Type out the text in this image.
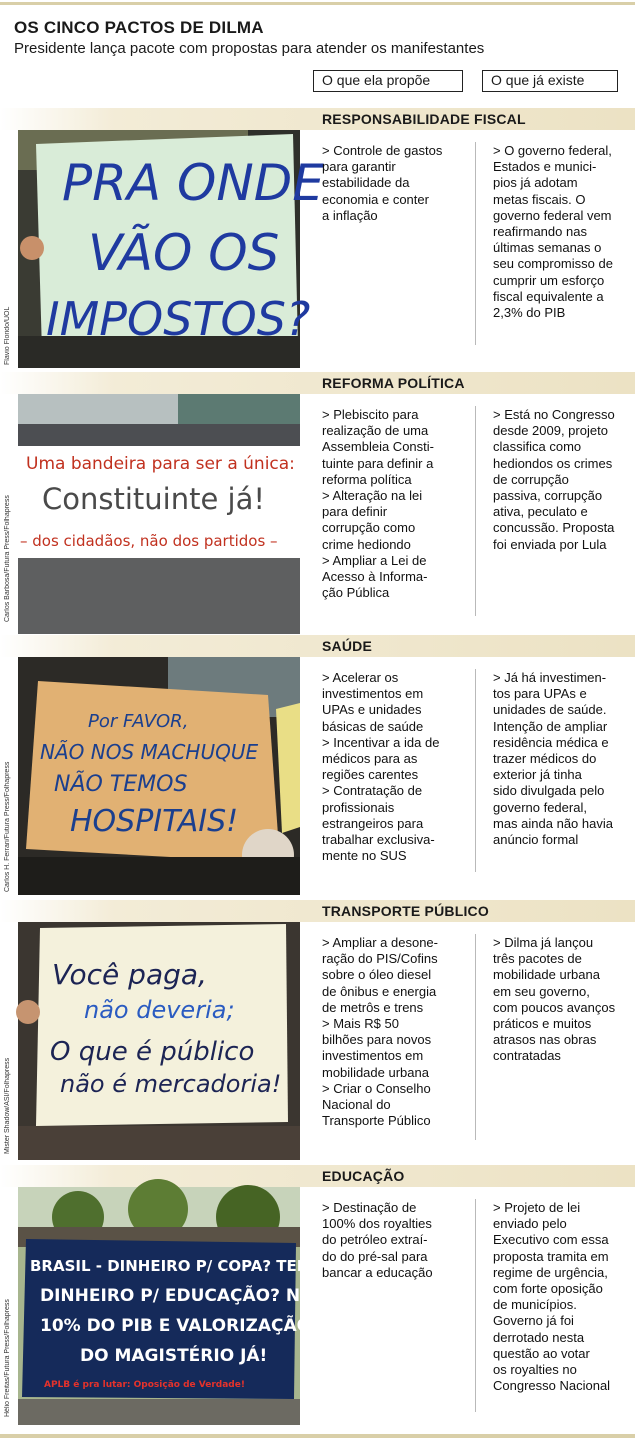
OS CINCO PACTOS DE DILMA
Presidente lança pacote com propostas para atender os manifestantes
O que ela propõe	O que já existe
RESPONSABILIDADE FISCAL
Flavio Florido/UOL
PRA ONDE
VÃO OS
IMPOSTOS?
> Controle de gastos
para garantir
estabilidade da
economia e conter
a inflação
> O governo federal,
Estados e munici-
pios já adotam
metas fiscais. O
governo federal vem
reafirmando nas
últimas semanas o
seu compromisso de
cumprir um esforço
fiscal equivalente a
2,3% do PIB
REFORMA POLÍTICA
Carlos Barbosa/Futura Press/Folhapress
Uma bandeira para ser a única:
Constituinte já!
– dos cidadãos, não dos partidos –
> Plebiscito para
realização de uma
Assembleia Consti-
tuinte para definir a
reforma política
> Alteração na lei
para definir
corrupção como
crime hediondo
> Ampliar a Lei de
Acesso à Informa-
ção Pública
> Está no Congresso
desde 2009, projeto
classifica como
hediondos os crimes
de corrupção
passiva, corrupção
ativa, peculato e
concussão. Proposta
foi enviada por Lula
SAÚDE
Carlos H. Ferrari/Futura Press/Folhapress
Por FAVOR,
NÃO NOS MACHUQUE
NÃO TEMOS
HOSPITAIS!
> Acelerar os
investimentos em
UPAs e unidades
básicas de saúde
> Incentivar a ida de
médicos para as
regiões carentes
> Contratação de
profissionais
estrangeiros para
trabalhar exclusiva-
mente no SUS
> Já há investimen-
tos para UPAs e
unidades de saúde.
Intenção de ampliar
residência médica e
trazer médicos do
exterior já tinha
sido divulgada pelo
governo federal,
mas ainda não havia
anúncio formal
TRANSPORTE PÚBLICO
Mister Shadow/ASI/Folhapress
Você paga,
não deveria;
O que é público
não é mercadoria!
> Ampliar a desone-
ração do PIS/Cofins
sobre o óleo diesel
de ônibus e energia
de metrôs e trens
> Mais R$ 50
bilhões para novos
investimentos em
mobilidade urbana
> Criar o Conselho
Nacional do
Transporte Público
> Dilma já lançou
três pacotes de
mobilidade urbana
em seu governo,
com poucos avanços
práticos e muitos
atrasos nas obras
contratadas
EDUCAÇÃO
Hélio Freitas/Futura Press/Folhapress
BRASIL - DINHEIRO P/ COPA? TEM!
DINHEIRO P/ EDUCAÇÃO? NÃO!
10% DO PIB E VALORIZAÇÃO
DO MAGISTÉRIO JÁ!
APLB é pra lutar: Oposição de Verdade!
> Destinação de
100% dos royalties
do petróleo extraí-
do do pré-sal para
bancar a educação
> Projeto de lei
enviado pelo
Executivo com essa
proposta tramita em
regime de urgência,
com forte oposição
de municípios.
Governo já foi
derrotado nesta
questão ao votar
os royalties no
Congresso Nacional
